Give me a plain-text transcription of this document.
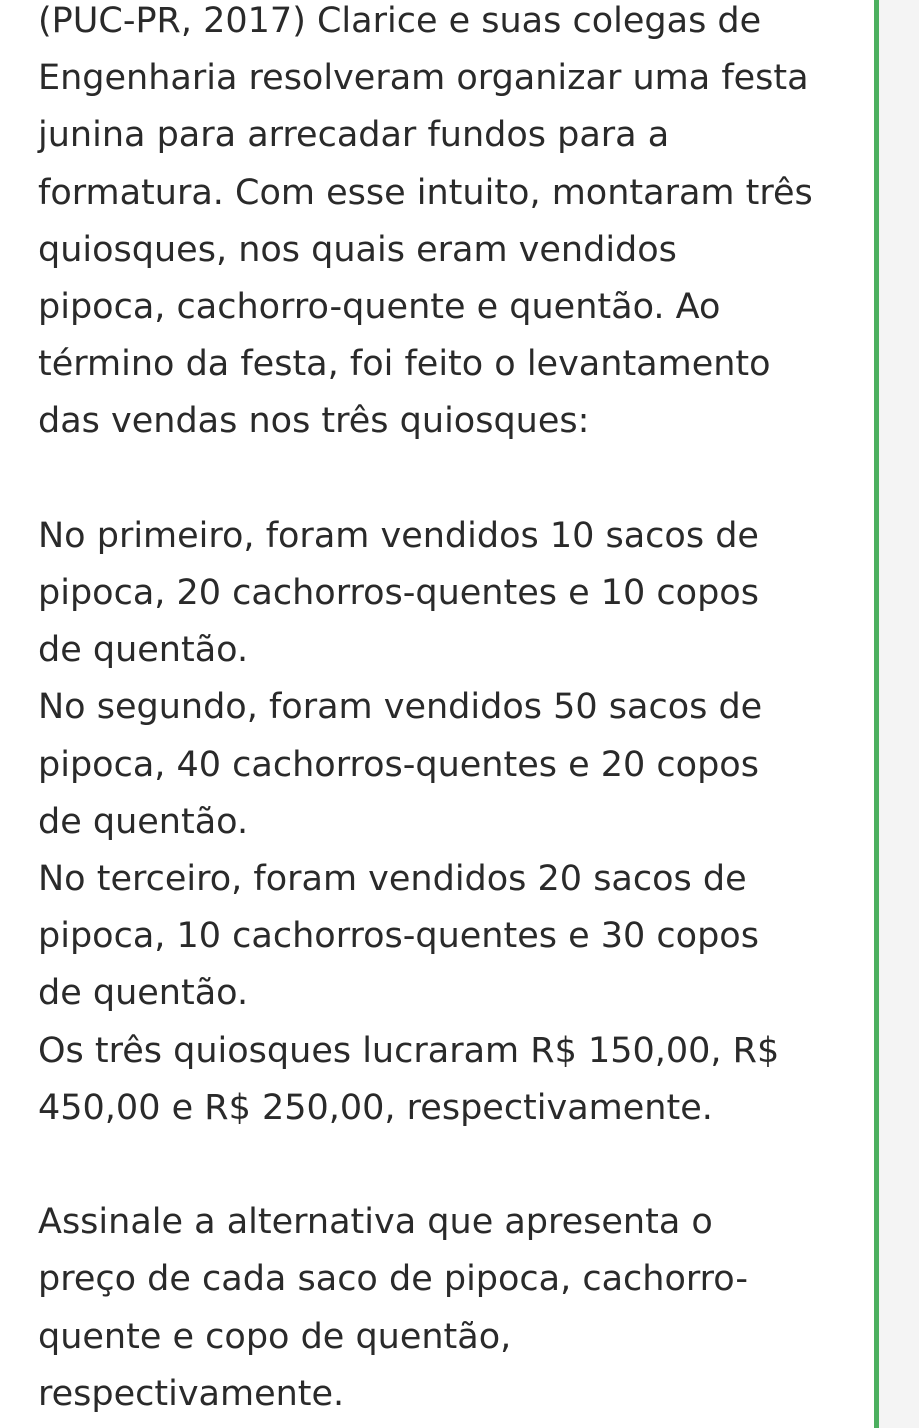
(PUC-PR, 2017) Clarice e suas colegas de
Engenharia resolveram organizar uma festa
junina para arrecadar fundos para a
formatura. Com esse intuito, montaram três
quiosques, nos quais eram vendidos
pipoca, cachorro-quente e quentão. Ao
término da festa, foi feito o levantamento
das vendas nos três quiosques:
No primeiro, foram vendidos 10 sacos de
pipoca, 20 cachorros-quentes e 10 copos
de quentão.
No segundo, foram vendidos 50 sacos de
pipoca, 40 cachorros-quentes e 20 copos
de quentão.
No terceiro, foram vendidos 20 sacos de
pipoca, 10 cachorros-quentes e 30 copos
de quentão.
Os três quiosques lucraram R$ 150,00, R$
450,00 e R$ 250,00, respectivamente.
Assinale a alternativa que apresenta o
preço de cada saco de pipoca, cachorro-
quente e copo de quentão,
respectivamente.
